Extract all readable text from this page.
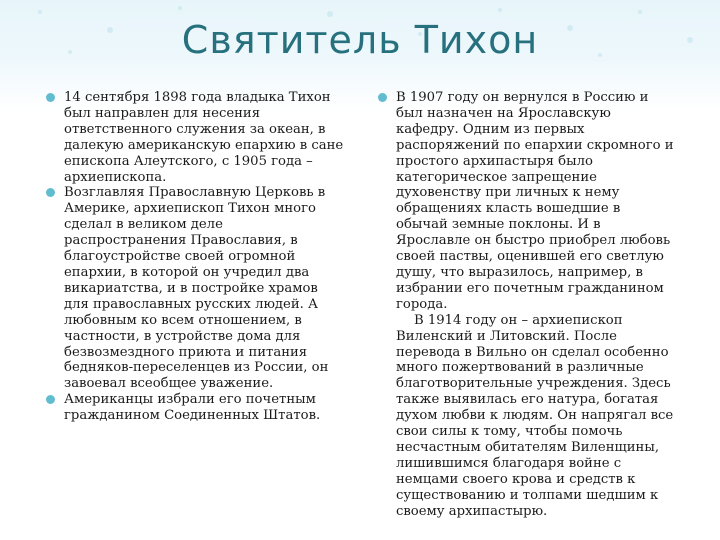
Святитель Тихон
14 сентября 1898 года владыка Тихон был направлен для несения ответственного служения за океан, в далекую американскую епархию в сане епископа Алеутского, с 1905 года – архиепископа.
Возглавляя Православную Церковь в Америке, архиепископ Тихон много сделал в великом деле распространения Православия, в благоустройстве своей огромной епархии, в которой он учредил два викариатства, и в постройке храмов для православных русских людей. А любовным ко всем отношением, в частности, в устройстве дома для безвозмездного приюта и питания бедняков-переселенцев из России, он завоевал всеобщее уважение.
Американцы избрали его почетным гражданином Соединенных Штатов.
В 1907 году он вернулся в Россию и был назначен на Ярославскую кафедру. Одним из первых распоряжений по епархии скромного и простого архипастыря было категорическое запрещение духовенству при личных к нему обращениях класть вошедшие в обычай земные поклоны. И в Ярославле он быстро приобрел любовь своей паствы, оценившей его светлую душу, что выразилось, например, в избрании его почетным гражданином города.
В 1914 году он – архиепископ Виленский и Литовский. После перевода в Вильно он сделал особенно много пожертвований в различные благотворительные учреждения. Здесь также выявилась его натура, богатая духом любви к людям. Он напрягал все свои силы к тому, чтобы помочь несчастным обитателям Виленщины, лишившимся благодаря войне с немцами своего крова и средств к существованию и толпами шедшим к своему архипастырю.
